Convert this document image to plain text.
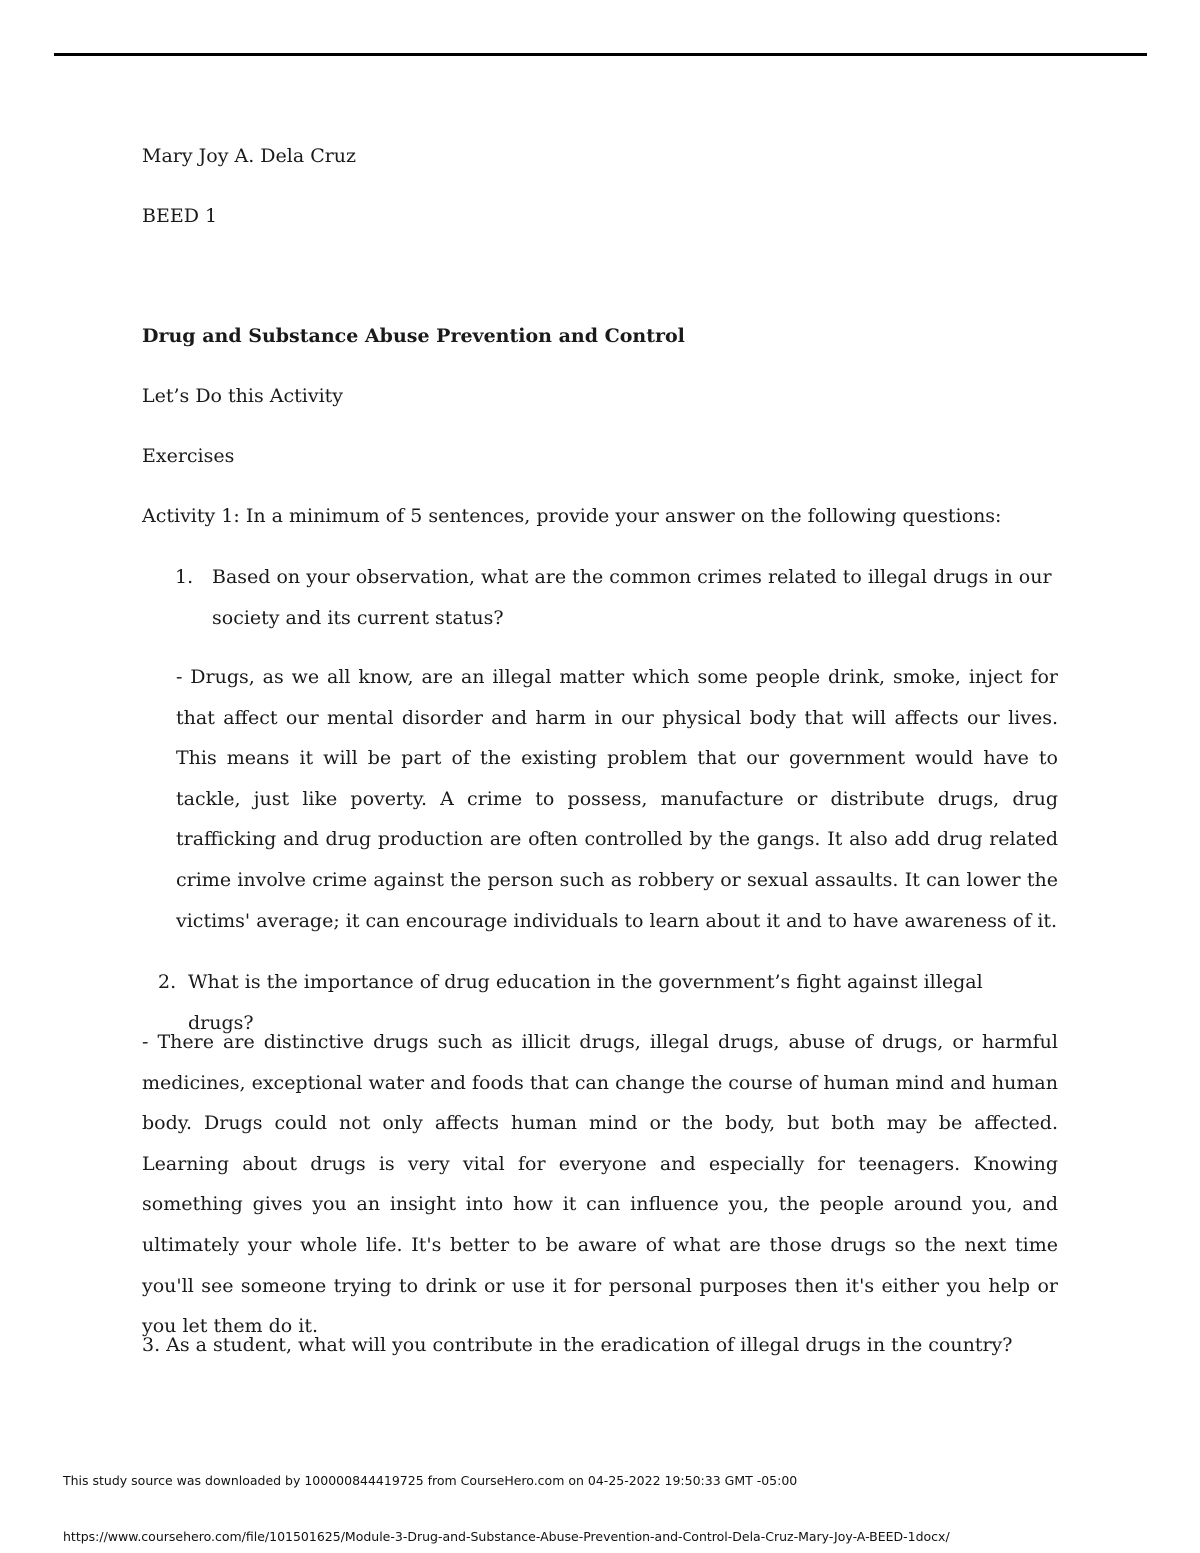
Mary Joy A. Dela Cruz
BEED 1
Drug and Substance Abuse Prevention and Control
Let’s Do this Activity
Exercises
Activity 1: In a minimum of 5 sentences, provide your answer on the following questions:
1. Based on your observation, what are the common crimes related to illegal drugs in our society and its current status?
- Drugs, as we all know, are an illegal matter which some people drink, smoke, inject for that affect our mental disorder and harm in our physical body that will affects our lives. This means it will be part of the existing problem that our government would have to tackle, just like poverty. A crime to possess, manufacture or distribute drugs, drug trafficking and drug production are often controlled by the gangs. It also add drug related crime involve crime against the person such as robbery or sexual assaults. It can lower the victims' average; it can encourage individuals to learn about it and to have awareness of it.
2. What is the importance of drug education in the government’s fight against illegal drugs?
- There are distinctive drugs such as illicit drugs, illegal drugs, abuse of drugs, or harmful medicines, exceptional water and foods that can change the course of human mind and human body. Drugs could not only affects human mind or the body, but both may be affected. Learning about drugs is very vital for everyone and especially for teenagers. Knowing something gives you an insight into how it can influence you, the people around you, and ultimately your whole life. It's better to be aware of what are those drugs so the next time you'll see someone trying to drink or use it for personal purposes then it's either you help or you let them do it.
3. As a student, what will you contribute in the eradication of illegal drugs in the country?
This study source was downloaded by 100000844419725 from CourseHero.com on 04-25-2022 19:50:33 GMT -05:00
https://www.coursehero.com/file/101501625/Module-3-Drug-and-Substance-Abuse-Prevention-and-Control-Dela-Cruz-Mary-Joy-A-BEED-1docx/
